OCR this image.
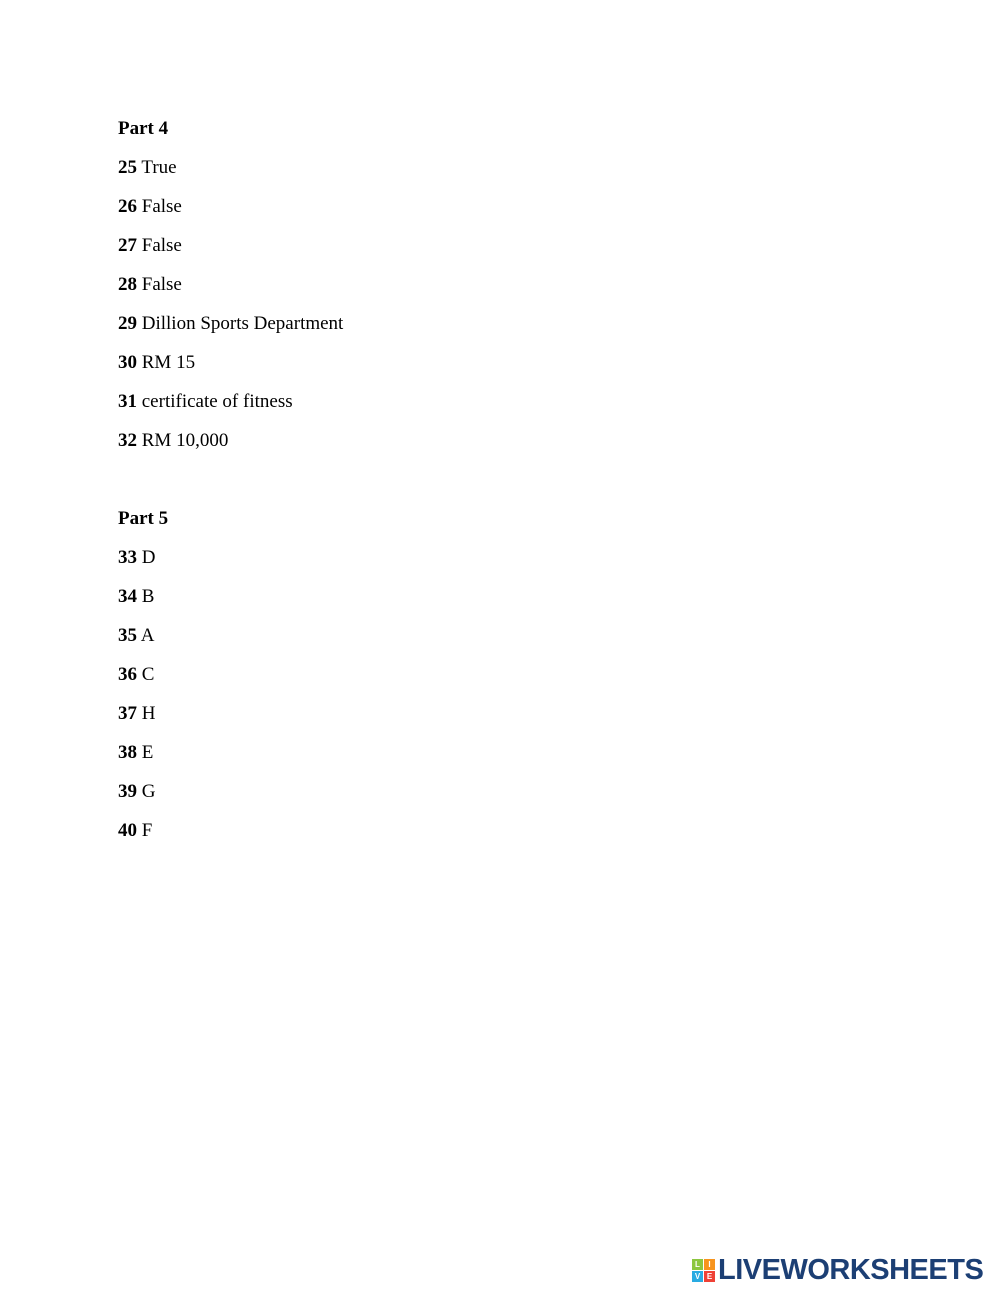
Part 4
25 True
26 False
27 False
28 False
29 Dillion Sports Department
30 RM 15
31 certificate of fitness
32 RM 10,000
Part 5
33 D
34 B
35 A
36 C
37 H
38 E
39 G
40 F
L	I
V E LIVEWORKSHEETS
